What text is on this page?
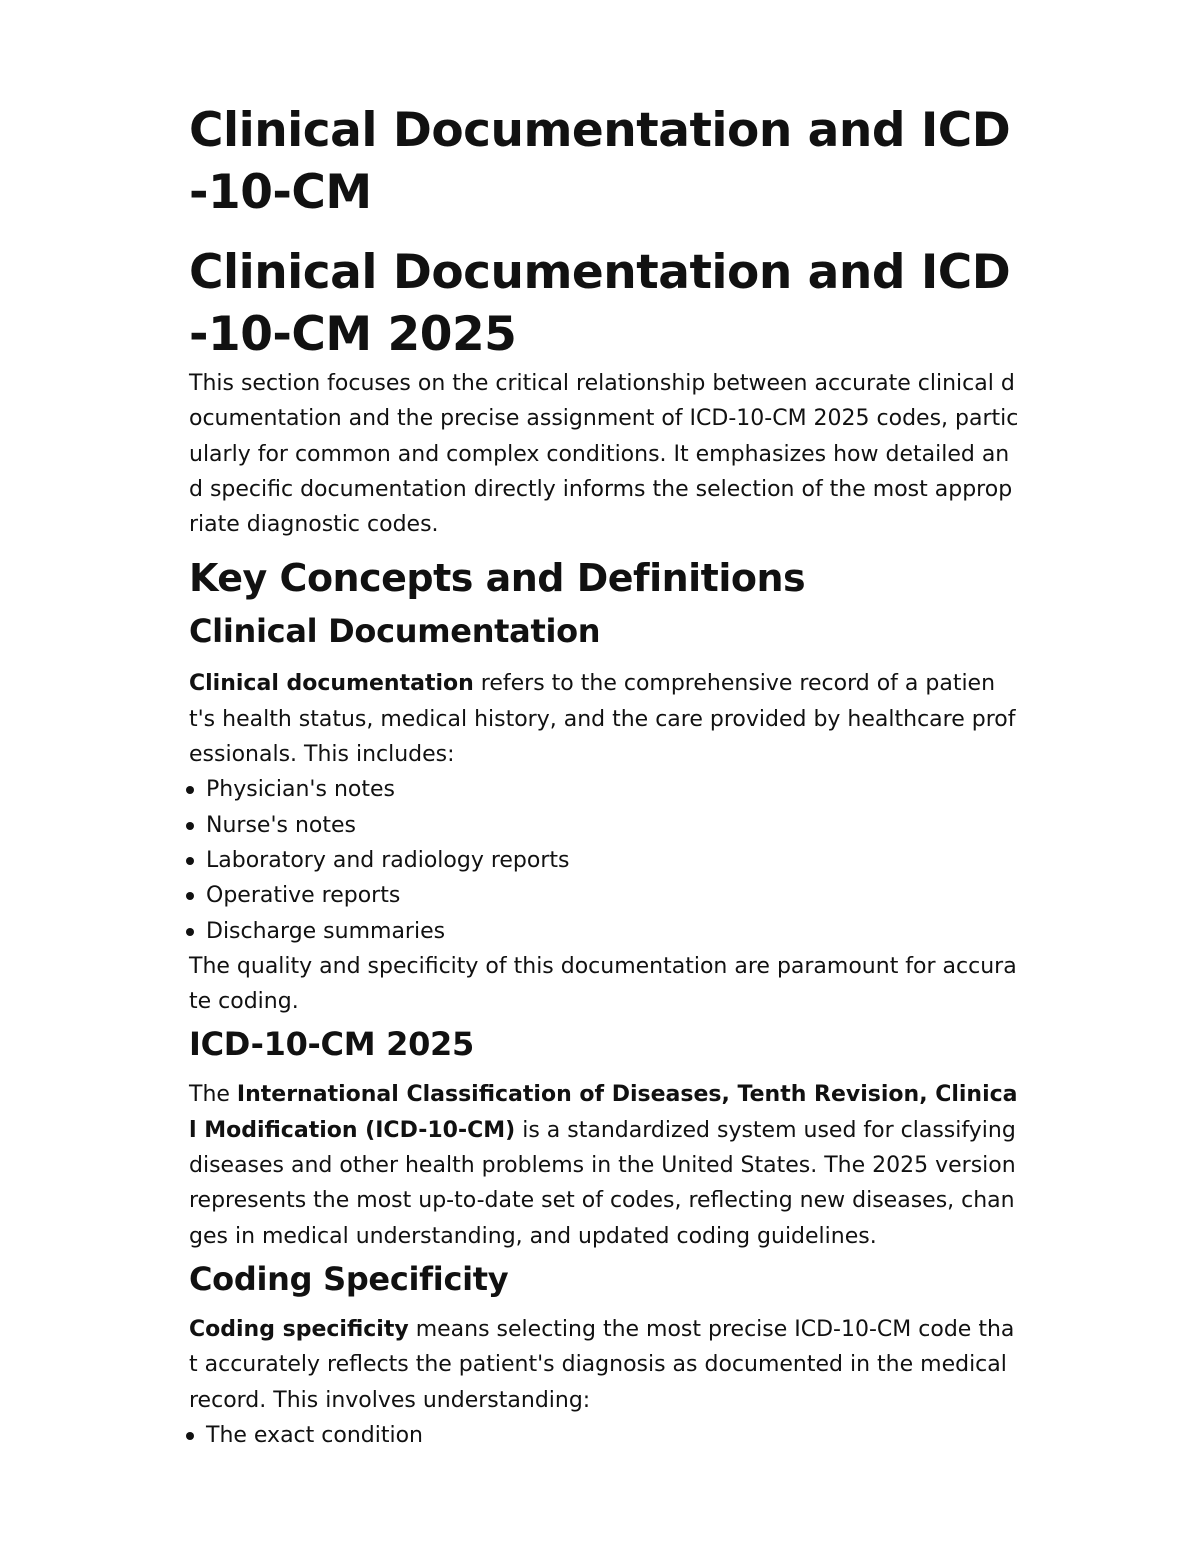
Clinical Documentation and ICD-10-CM
Clinical Documentation and ICD-10-CM 2025

This section focuses on the critical relationship between accurate clinical documentation and the precise assignment of ICD-10-CM 2025 codes, particularly for common and complex conditions. It emphasizes how detailed and specific documentation directly informs the selection of the most appropriate diagnostic codes.

Key Concepts and Definitions
Clinical Documentation

Clinical documentation refers to the comprehensive record of a patient's health status, medical history, and the care provided by healthcare professionals. This includes:

Physician's notes
Nurse's notes
Laboratory and radiology reports
Operative reports
Discharge summaries

The quality and specificity of this documentation are paramount for accurate coding.

ICD-10-CM 2025

The International Classification of Diseases, Tenth Revision, Clinical Modification (ICD-10-CM) is a standardized system used for classifying diseases and other health problems in the United States. The 2025 version represents the most up-to-date set of codes, reflecting new diseases, changes in medical understanding, and updated coding guidelines.

Coding Specificity

Coding specificity means selecting the most precise ICD-10-CM code that accurately reflects the patient's diagnosis as documented in the medical record. This involves understanding:

The exact condition
